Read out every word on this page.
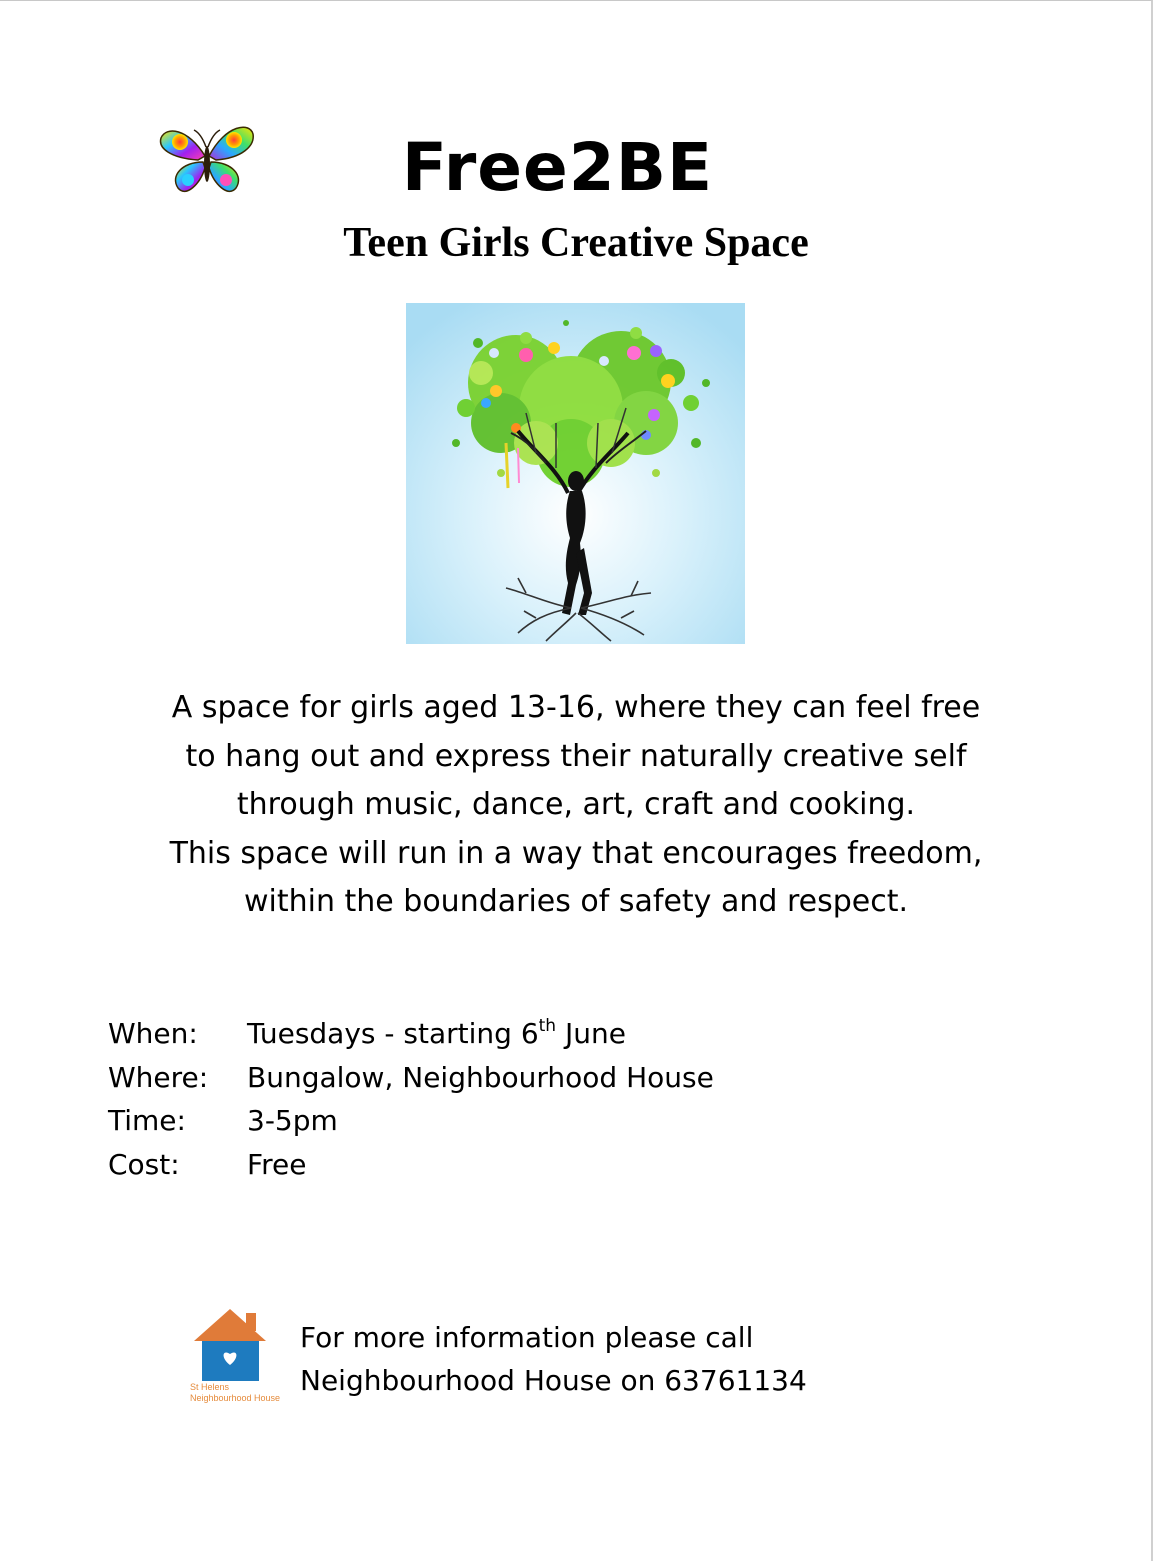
Free2BE
Teen Girls Creative Space
A space for girls aged 13-16, where they can feel free
to hang out and express their naturally creative self
through music, dance, art, craft and cooking.
This space will run in a way that encourages freedom,
within the boundaries of safety and respect.
When:	Tuesdays - starting 6th June
Where:	Bungalow, Neighbourhood House
Time:	3-5pm
Cost:	Free
St Helens
Neighbourhood House
For more information please call
Neighbourhood House on 63761134
